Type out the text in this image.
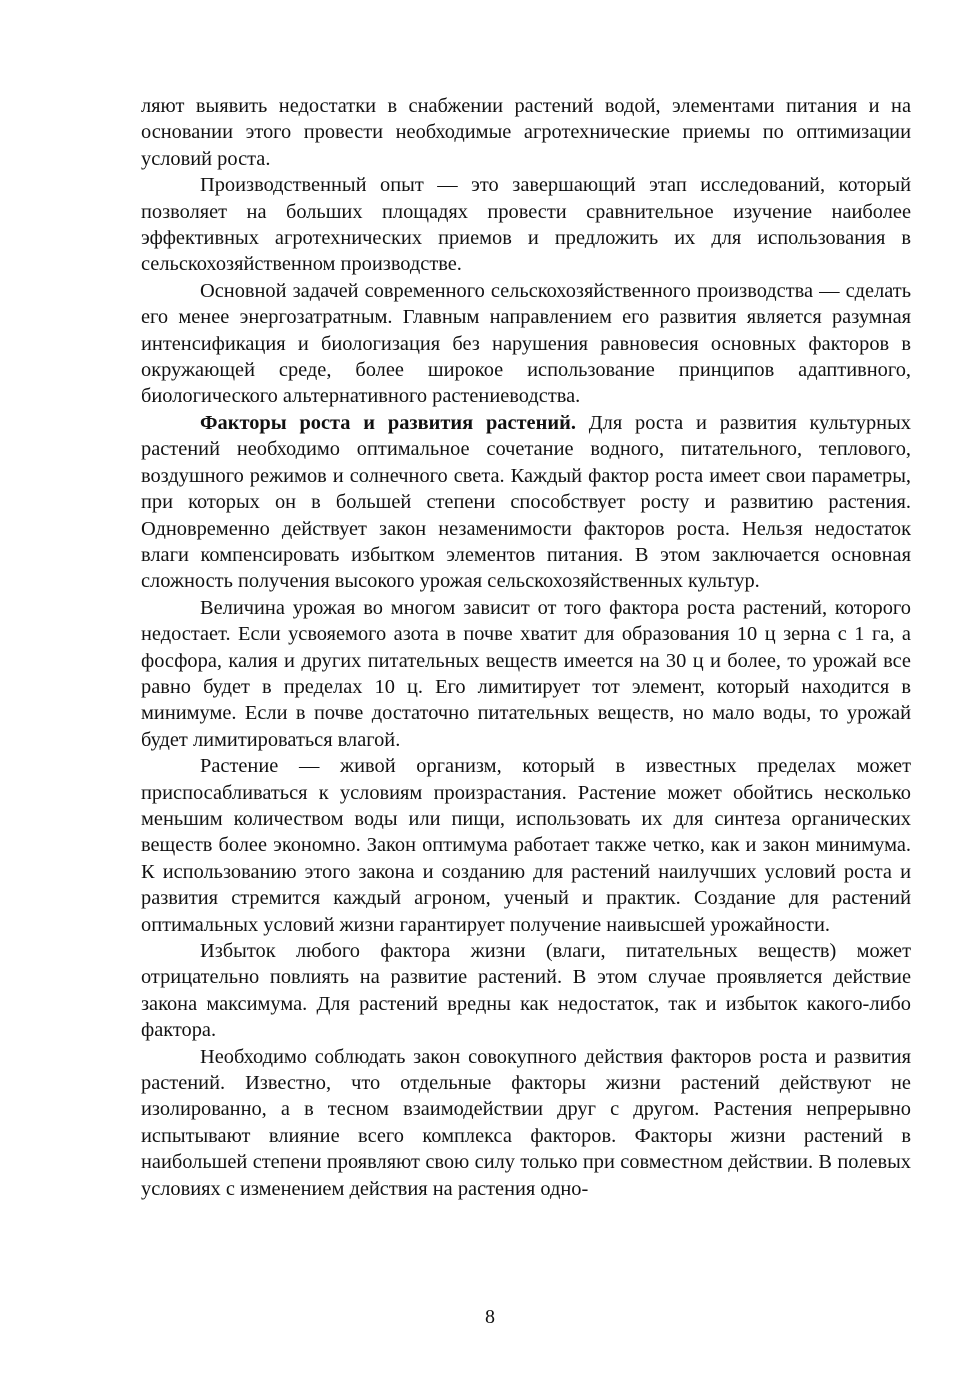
ляют выявить недостатки в снабжении растений водой, элементами питания и на основании этого провести необходимые агротехнические приемы по оптимизации условий роста.

Производственный опыт — это завершающий этап исследований, который позволяет на больших площадях провести сравнительное изучение наиболее эффективных агротехнических приемов и предложить их для использования в сельскохозяйственном производстве.

Основной задачей современного сельскохозяйственного производства — сделать его менее энергозатратным. Главным направлением его развития является разумная интенсификация и биологизация без нарушения равновесия основных факторов в окружающей среде, более широкое использование принципов адаптивного, биологического альтернативного растениеводства.

Факторы роста и развития растений. Для роста и развития культурных растений необходимо оптимальное сочетание водного, питательного, теплового, воздушного режимов и солнечного света. Каждый фактор роста имеет свои параметры, при которых он в большей степени способствует росту и развитию растения. Одновременно действует закон незаменимости факторов роста. Нельзя недостаток влаги компенсировать избытком элементов питания. В этом заключается основная сложность получения высокого урожая сельскохозяйственных культур.

Величина урожая во многом зависит от того фактора роста растений, которого недостает. Если усвояемого азота в почве хватит для образования 10 ц зерна с 1 га, а фосфора, калия и других питательных веществ имеется на 30 ц и более, то урожай все равно будет в пределах 10 ц. Его лимитирует тот элемент, который находится в минимуме. Если в почве достаточно питательных веществ, но мало воды, то урожай будет лимитироваться влагой.

Растение — живой организм, который в известных пределах может приспосабливаться к условиям произрастания. Растение может обойтись несколько меньшим количеством воды или пищи, использовать их для синтеза органических веществ более экономно. Закон оптимума работает также четко, как и закон минимума. К использованию этого закона и созданию для растений наилучших условий роста и развития стремится каждый агроном, ученый и практик. Создание для растений оптимальных условий жизни гарантирует получение наивысшей урожайности.

Избыток любого фактора жизни (влаги, питательных веществ) может отрицательно повлиять на развитие растений. В этом случае проявляется действие закона максимума. Для растений вредны как недостаток, так и избыток какого-либо фактора.

Необходимо соблюдать закон совокупного действия факторов роста и развития растений. Известно, что отдельные факторы жизни растений действуют не изолированно, а в тесном взаимодействии друг с другом. Растения непрерывно испытывают влияние всего комплекса факторов. Факторы жизни растений в наибольшей степени проявляют свою силу только при совместном действии. В полевых условиях с изменением действия на растения одно-

8
